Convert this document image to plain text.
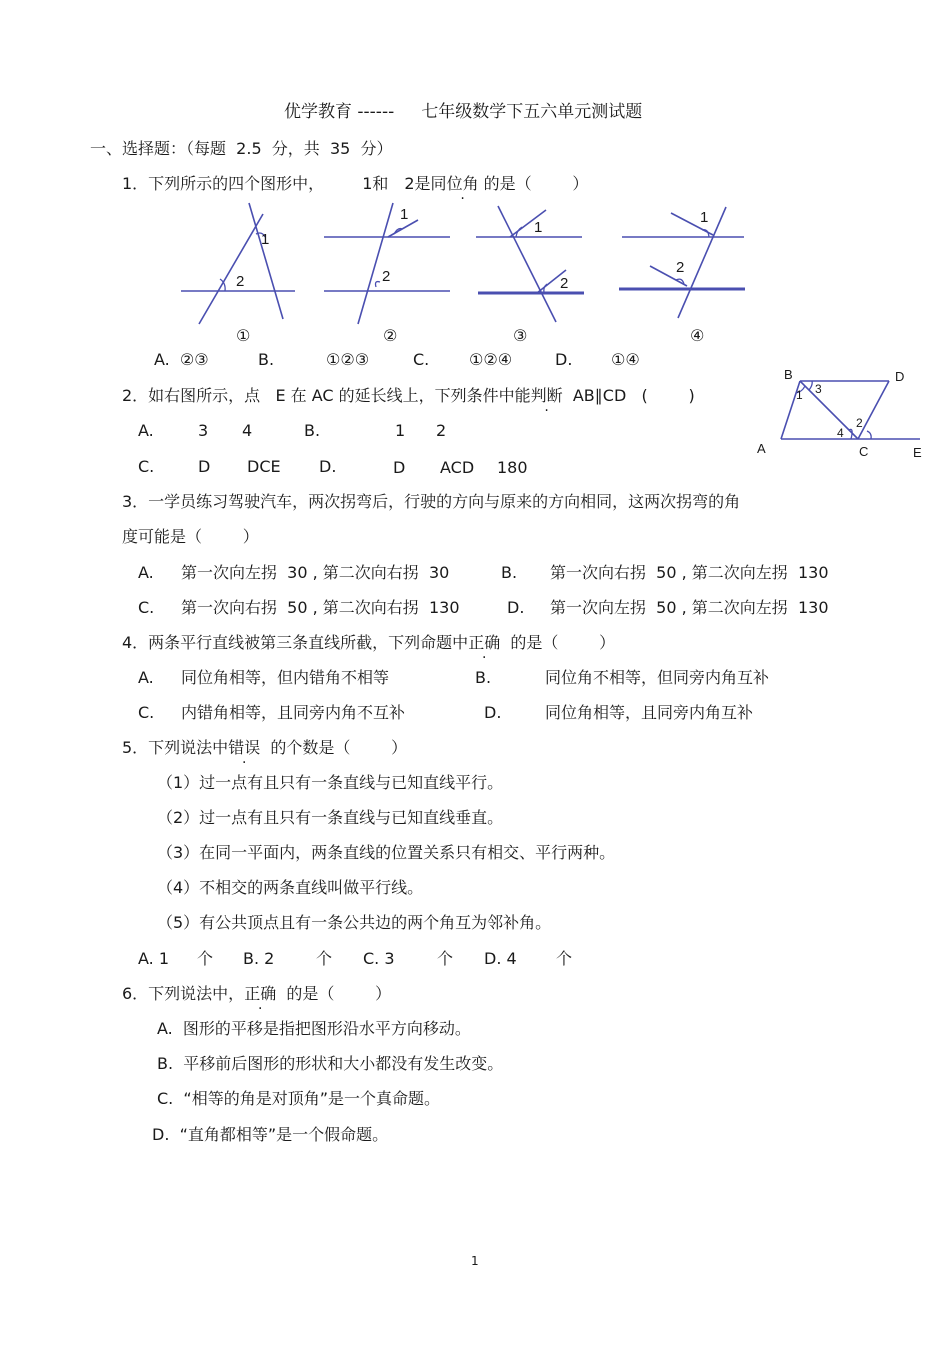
优学教育 ------     七年级数学下五六单元测试题
一、选择题：（每题  2.5  分，共  35  分）
1．下列所示的四个图形中， 1和 2是同位角 的是（        ）
1
2
①
1
2
②
1
2
③
1
2
④
A.  ②③	B.	①②③	C. ①②④	D. ①④
2．如右图所示，点   E 在 AC 的延长线上，下列条件中能判断  AB∥CD   (        )
A.	3 4	B.	1 2
C.	D DCE D.	D ACD 180
B	D
A	C	E
1 3
2
4
3．一学员练习驾驶汽车，两次拐弯后，行驶的方向与原来的方向相同，这两次拐弯的角
度可能是（        ）
A. 第一次向左拐  30 , 第二次向右拐  30	B. 第一次向右拐  50 , 第二次向左拐  130
C. 第一次向右拐  50 , 第二次向右拐  130	D. 第一次向左拐  50 , 第二次向左拐  130
4．两条平行直线被第三条直线所截，下列命题中正确  的是（        ）
A. 同位角相等，但内错角不相等	B.	同位角不相等，但同旁内角互补
C. 内错角相等，且同旁内角不互补	D.	同位角相等，且同旁内角互补
5．下列说法中错误  的个数是（        ）
（1）过一点有且只有一条直线与已知直线平行。
（2）过一点有且只有一条直线与已知直线垂直。
（3）在同一平面内，两条直线的位置关系只有相交、平行两种。
（4）不相交的两条直线叫做平行线。
（5）有公共顶点且有一条公共边的两个角互为邻补角。
A. 1 个 B. 2	个 C. 3	个 D. 4 个
6．下列说法中，正确  的是（        ）
A.  图形的平移是指把图形沿水平方向移动。
B.  平移前后图形的形状和大小都没有发生改变。
C.  “相等的角是对顶角”是一个真命题。
D.  “直角都相等”是一个假命题。
1
